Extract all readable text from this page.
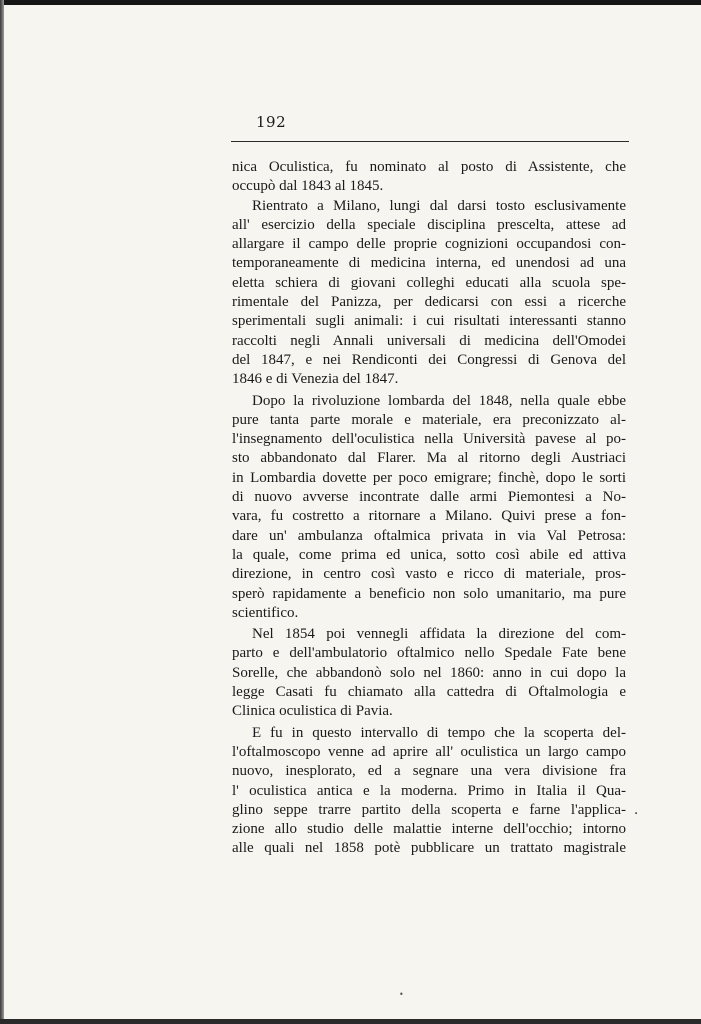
192
nica Oculistica, fu nominato al posto di Assistente, che
occupò dal 1843 al 1845.
Rientrato a Milano, lungi dal darsi tosto esclusivamente
all' esercizio della speciale disciplina prescelta, attese ad
allargare il campo delle proprie cognizioni occupandosi con-
temporaneamente di medicina interna, ed unendosi ad una
eletta schiera di giovani colleghi educati alla scuola spe-
rimentale del Panizza, per dedicarsi con essi a ricerche
sperimentali sugli animali: i cui risultati interessanti stanno
raccolti negli Annali universali di medicina dell'Omodei
del 1847, e nei Rendiconti dei Congressi di Genova del
1846 e di Venezia del 1847.
Dopo la rivoluzione lombarda del 1848, nella quale ebbe
pure tanta parte morale e materiale, era preconizzato al-
l'insegnamento dell'oculistica nella Università pavese al po-
sto abbandonato dal Flarer. Ma al ritorno degli Austriaci
in Lombardia dovette per poco emigrare; finchè, dopo le sorti
di nuovo avverse incontrate dalle armi Piemontesi a No-
vara, fu costretto a ritornare a Milano. Quivi prese a fon-
dare un' ambulanza oftalmica privata in via Val Petrosa:
la quale, come prima ed unica, sotto così abile ed attiva
direzione, in centro così vasto e ricco di materiale, pros-
sperò rapidamente a beneficio non solo umanitario, ma pure
scientifico.
Nel 1854 poi vennegli affidata la direzione del com-
parto e dell'ambulatorio oftalmico nello Spedale Fate bene
Sorelle, che abbandonò solo nel 1860: anno in cui dopo la
legge Casati fu chiamato alla cattedra di Oftalmologia e
Clinica oculistica di Pavia.
E fu in questo intervallo di tempo che la scoperta del-
l'oftalmoscopo venne ad aprire all' oculistica un largo campo
nuovo, inesplorato, ed a segnare una vera divisione fra
l' oculistica antica e la moderna. Primo in Italia il Qua-
glino seppe trarre partito della scoperta e farne l'applica-
zione allo studio delle malattie interne dell'occhio; intorno
alle quali nel 1858 potè pubblicare un trattato magistrale
.
•
